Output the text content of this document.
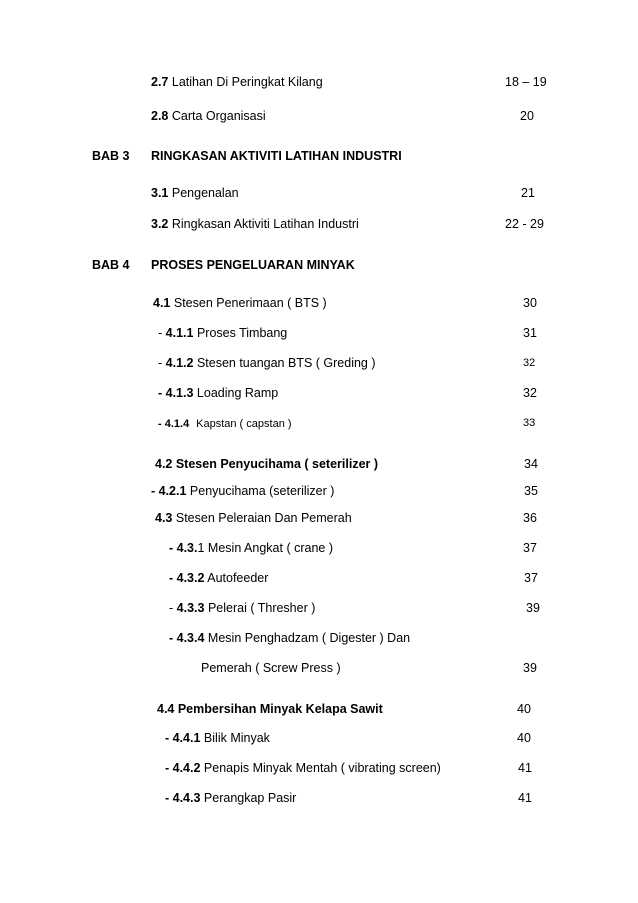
2.7 Latihan Di Peringkat Kilang	18 – 19
2.8 Carta Organisasi	20
BAB 3 RINGKASAN AKTIVITI LATIHAN INDUSTRI
3.1 Pengenalan	21
3.2 Ringkasan Aktiviti Latihan Industri	22 - 29
BAB 4 PROSES PENGELUARAN MINYAK
4.1 Stesen Penerimaan ( BTS )	30
- 4.1.1 Proses Timbang	31
- 4.1.2 Stesen tuangan BTS ( Greding )	32
- 4.1.3 Loading Ramp	32
- 4.1.4 Kapstan ( capstan )	33
4.2 Stesen Penyucihama ( seterilizer )	34
- 4.2.1 Penyucihama (seterilizer )	35
4.3 Stesen Peleraian Dan Pemerah	36
- 4.3.1 Mesin Angkat ( crane )	37
- 4.3.2 Autofeeder	37
- 4.3.3 Pelerai ( Thresher )	39
- 4.3.4 Mesin Penghadzam ( Digester ) Dan
Pemerah ( Screw Press )	39
4.4 Pembersihan Minyak Kelapa Sawit	40
- 4.4.1 Bilik Minyak	40
- 4.4.2 Penapis Minyak Mentah ( vibrating screen)	41
- 4.4.3 Perangkap Pasir	41
